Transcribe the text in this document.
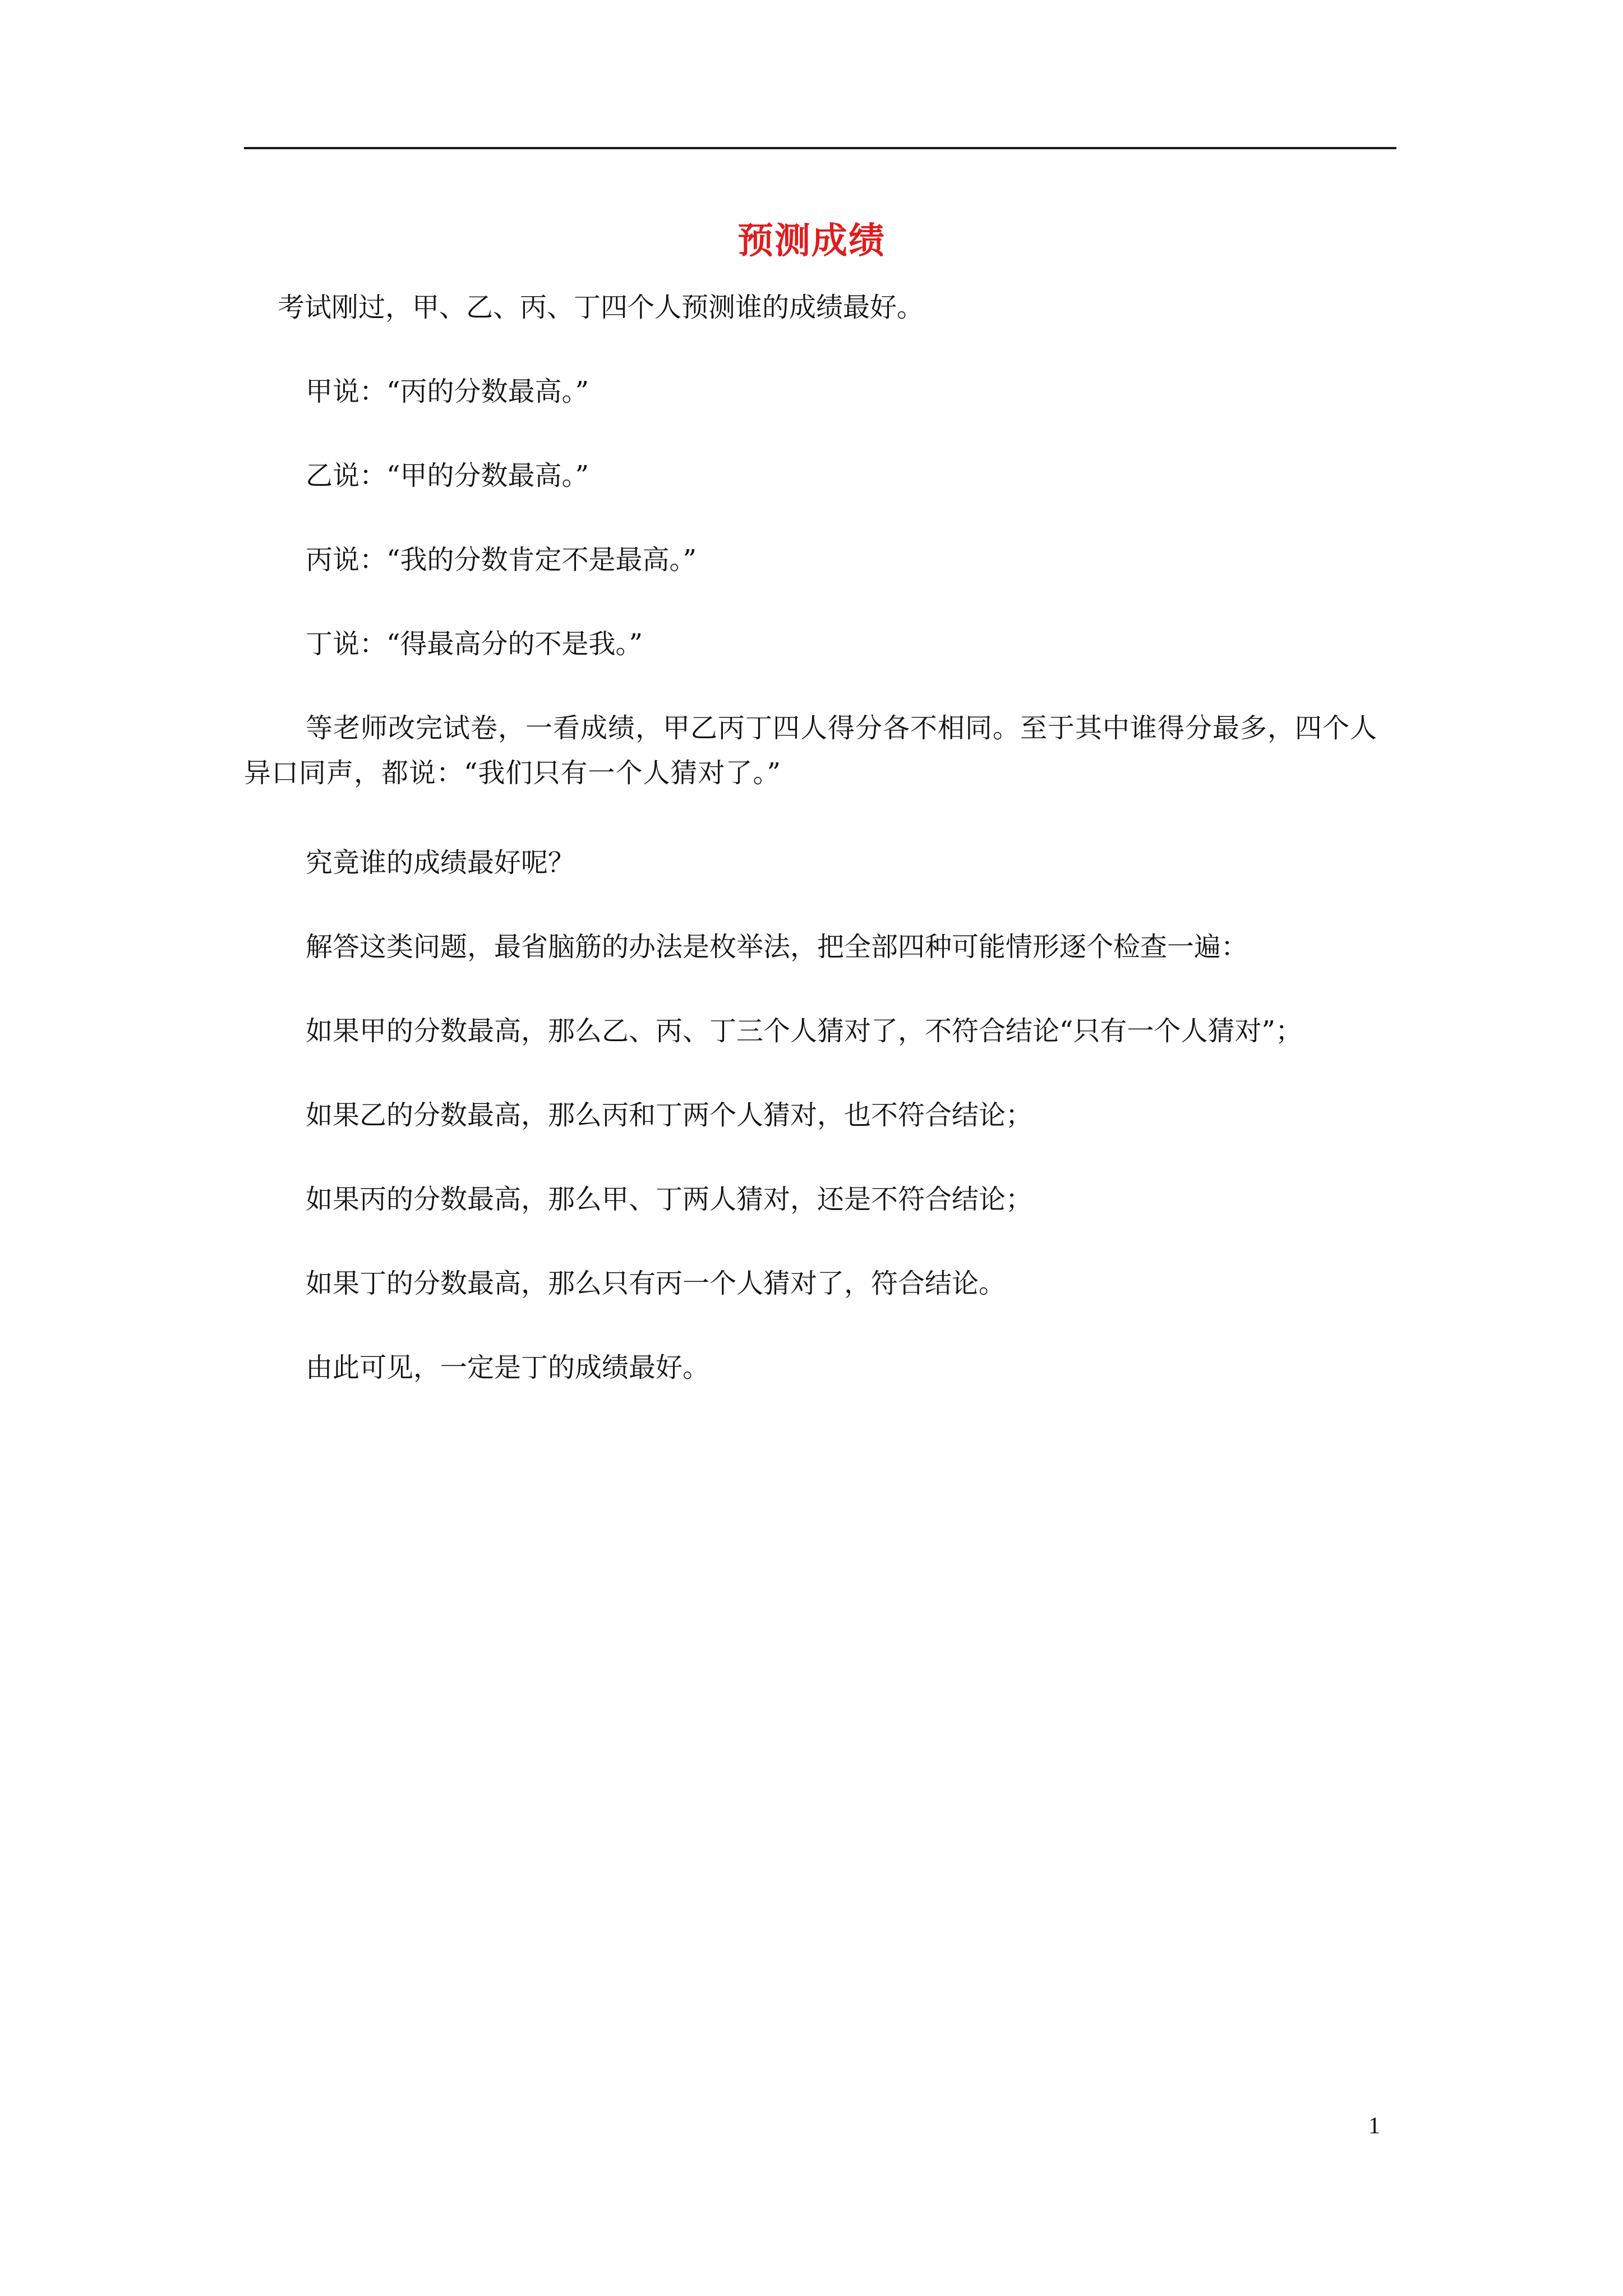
预测成绩
考试刚过，甲、乙、丙、丁四个人预测谁的成绩最好。
甲说：“丙的分数最高。”
乙说：“甲的分数最高。”
丙说：“我的分数肯定不是最高。”
丁说：“得最高分的不是我。”
等老师改完试卷，一看成绩，甲乙丙丁四人得分各不相同。至于其中谁得分最多，四个人异口同声，都说：“我们只有一个人猜对了。”
究竟谁的成绩最好呢？
解答这类问题，最省脑筋的办法是枚举法，把全部四种可能情形逐个检查一遍：
如果甲的分数最高，那么乙、丙、丁三个人猜对了，不符合结论“只有一个人猜对”；
如果乙的分数最高，那么丙和丁两个人猜对，也不符合结论；
如果丙的分数最高，那么甲、丁两人猜对，还是不符合结论；
如果丁的分数最高，那么只有丙一个人猜对了，符合结论。
由此可见，一定是丁的成绩最好。
1
